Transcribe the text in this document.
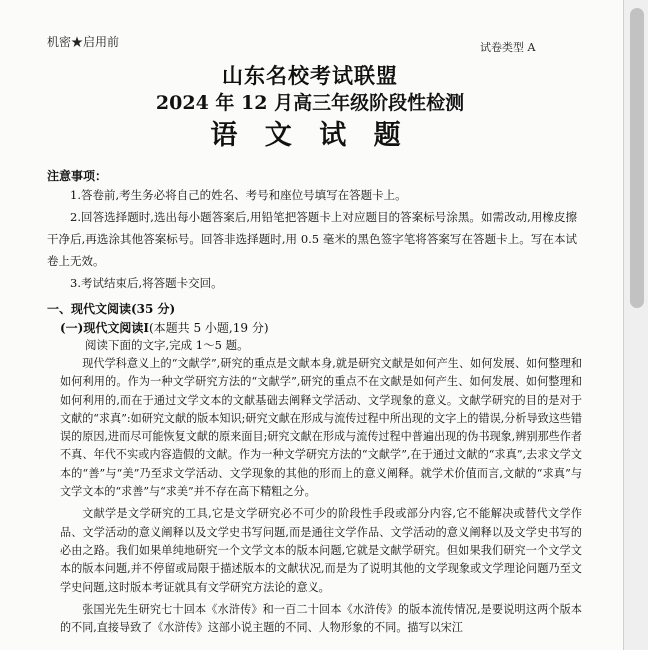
机密★启用前	试卷类型 A
山东名校考试联盟
2024 年 12 月高三年级阶段性检测
语 文 试 题
注意事项：

1.答卷前,考生务必将自己的姓名、考号和座位号填写在答题卡上。

2.回答选择题时,选出每小题答案后,用铅笔把答题卡上对应题目的答案标号涂黑。如需改动,用橡皮擦干净后,再选涂其他答案标号。回答非选择题时,用 0.5 毫米的黑色签字笔将答案写在答题卡上。写在本试卷上无效。

3.考试结束后,将答题卡交回。

一、现代文阅读(35 分)
(一)现代文阅读Ⅰ(本题共 5 小题,19 分)
阅读下面的文字,完成 1～5 题。

现代学科意义上的“文献学”,研究的重点是文献本身,就是研究文献是如何产生、如何发展、如何整理和如何利用的。作为一种文学研究方法的“文献学”,研究的重点不在文献是如何产生、如何发展、如何整理和如何利用的,而在于通过文学文本的文献基础去阐释文学活动、文学现象的意义。文献学研究的目的是对于文献的“求真”:如研究文献的版本知识;研究文献在形成与流传过程中所出现的文字上的错误,分析导致这些错误的原因,进而尽可能恢复文献的原来面目;研究文献在形成与流传过程中普遍出现的伪书现象,辨别那些作者不真、年代不实或内容造假的文献。作为一种文学研究方法的“文献学”,在于通过文献的“求真”,去求文学文本的“善”与“美”乃至求文学活动、文学现象的其他的形而上的意义阐释。就学术价值而言,文献的“求真”与文学文本的“求善”与“求美”并不存在高下精粗之分。

文献学是文学研究的工具,它是文学研究必不可少的阶段性手段或部分内容,它不能解决或替代文学作品、文学活动的意义阐释以及文学史书写问题,而是通往文学作品、文学活动的意义阐释以及文学史书写的必由之路。我们如果单纯地研究一个文学文本的版本问题,它就是文献学研究。但如果我们研究一个文学文本的版本问题,并不停留或局限于描述版本的文献状况,而是为了说明其他的文学现象或文学理论问题乃至文学史问题,这时版本考证就具有文学研究方法论的意义。

张国光先生研究七十回本《水浒传》和一百二十回本《水浒传》的版本流传情况,是要说明这两个版本的不同,直接导致了《水浒传》这部小说主题的不同、人物形象的不同。描写以宋江
